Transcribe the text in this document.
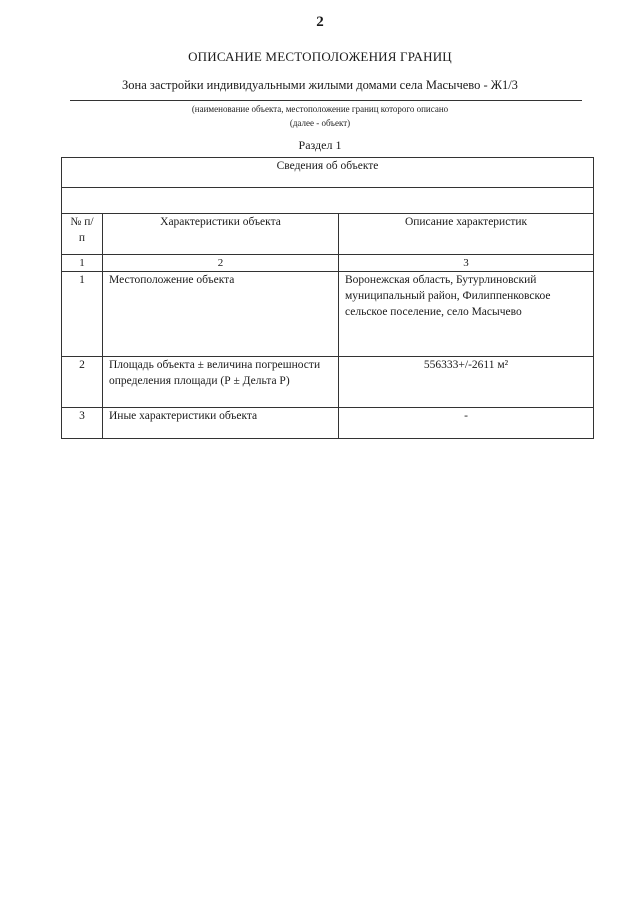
2
ОПИСАНИЕ МЕСТОПОЛОЖЕНИЯ ГРАНИЦ
Зона застройки индивидуальными жилыми домами села Масычево - Ж1/3
(наименование объекта, местоположение границ которого описано
(далее - объект)
Раздел 1
Сведения об объекте		

№ п/п	Характеристики объекта	Описание характеристик
1	2	3
1	Местоположение объекта	Воронежская область, Бутурлиновский муниципальный район, Филиппенковское сельское поселение, село Масычево
2	Площадь объекта ± величина погрешности определения площади (Р ± Дельта Р)	556333+/-2611 м²
3	Иные характеристики объекта	-
